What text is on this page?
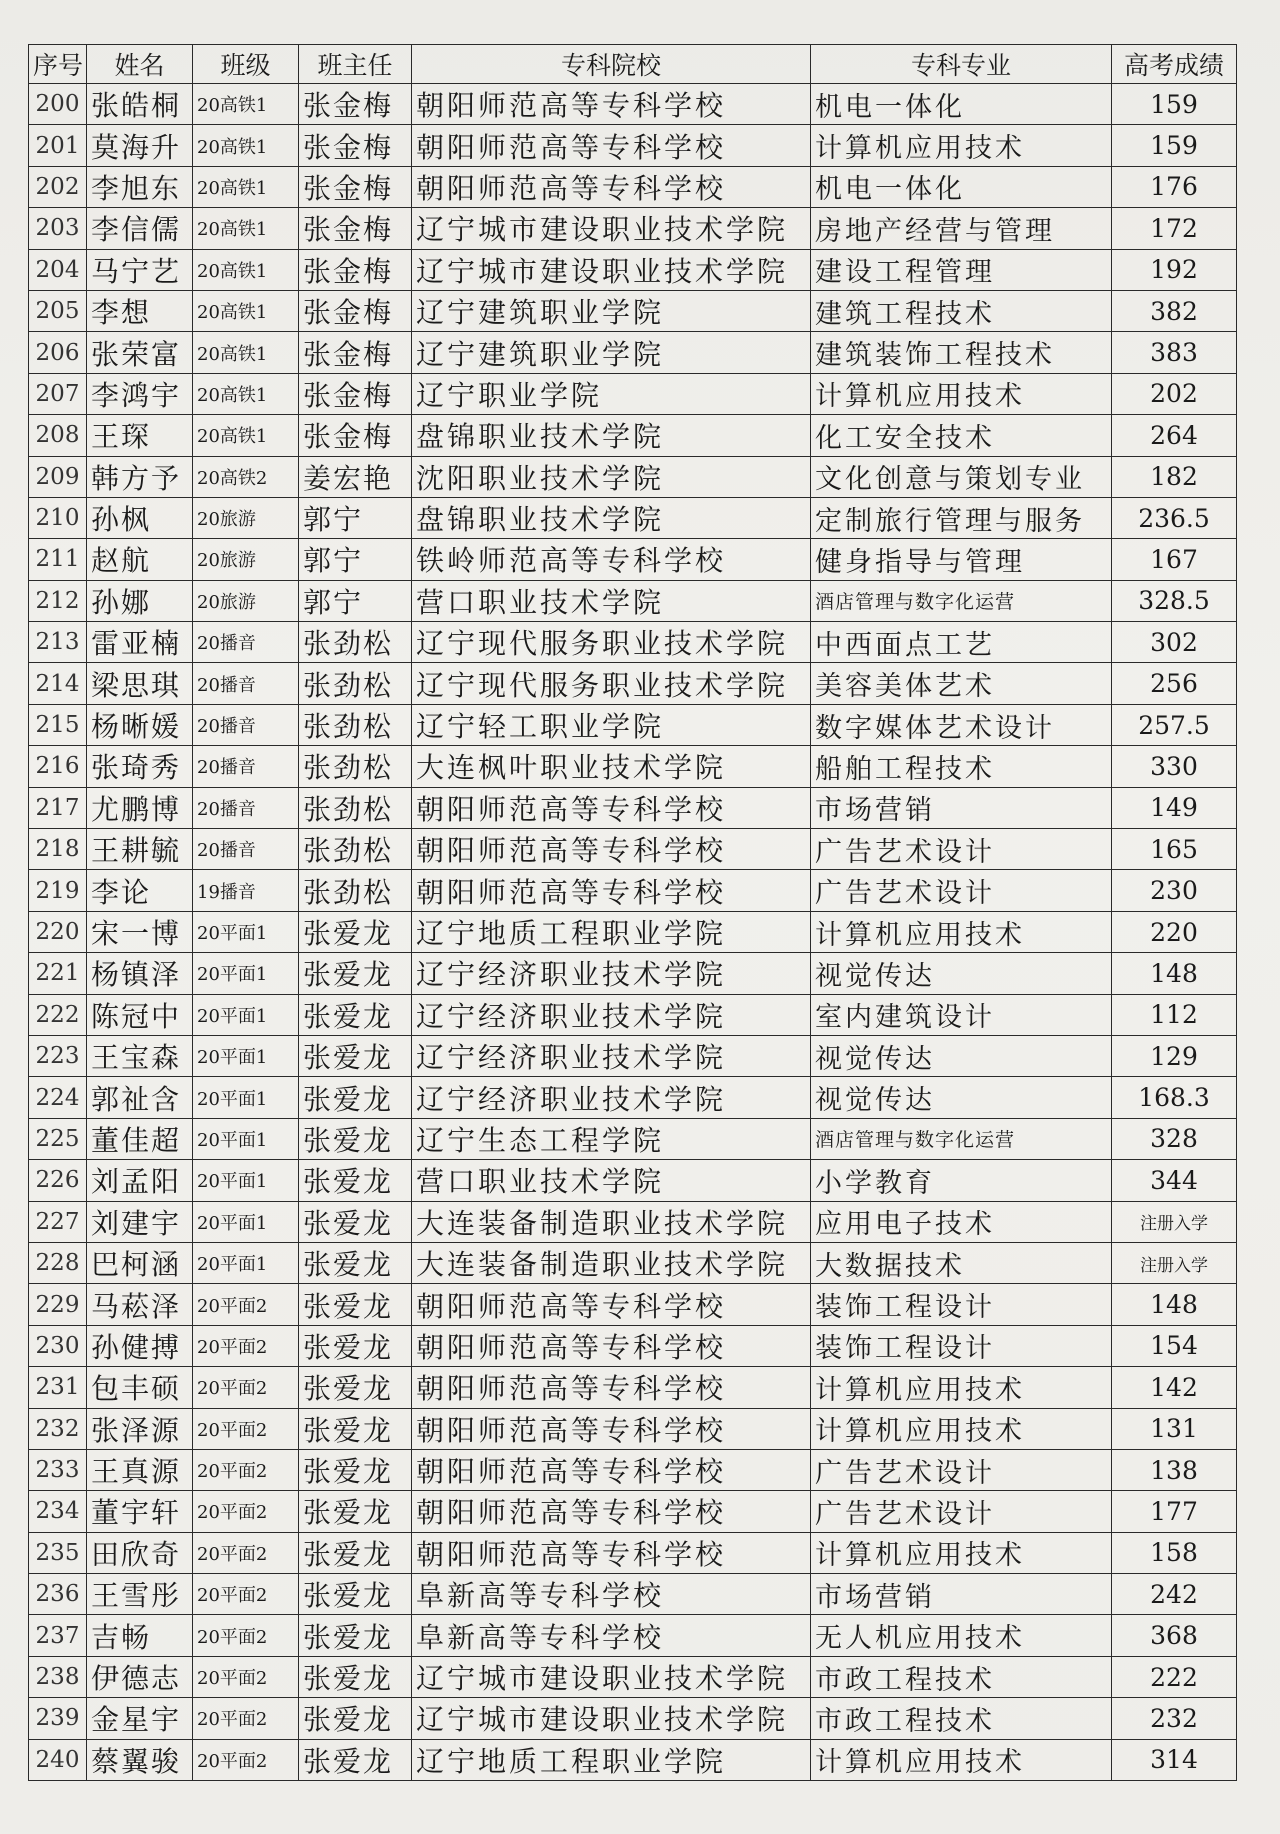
序号	姓名	班级	班主任	专科院校	专科专业	高考成绩
200	张皓桐	20高铁1	张金梅	朝阳师范高等专科学校	机电一体化	159
201	莫海升	20高铁1	张金梅	朝阳师范高等专科学校	计算机应用技术	159
202	李旭东	20高铁1	张金梅	朝阳师范高等专科学校	机电一体化	176
203	李信儒	20高铁1	张金梅	辽宁城市建设职业技术学院	房地产经营与管理	172
204	马宁艺	20高铁1	张金梅	辽宁城市建设职业技术学院	建设工程管理	192
205	李想	20高铁1	张金梅	辽宁建筑职业学院	建筑工程技术	382
206	张荣富	20高铁1	张金梅	辽宁建筑职业学院	建筑装饰工程技术	383
207	李鸿宇	20高铁1	张金梅	辽宁职业学院	计算机应用技术	202
208	王琛	20高铁1	张金梅	盘锦职业技术学院	化工安全技术	264
209	韩方予	20高铁2	姜宏艳	沈阳职业技术学院	文化创意与策划专业	182
210	孙枫	20旅游	郭宁	盘锦职业技术学院	定制旅行管理与服务	236.5
211	赵航	20旅游	郭宁	铁岭师范高等专科学校	健身指导与管理	167
212	孙娜	20旅游	郭宁	营口职业技术学院	酒店管理与数字化运营	328.5
213	雷亚楠	20播音	张劲松	辽宁现代服务职业技术学院	中西面点工艺	302
214	梁思琪	20播音	张劲松	辽宁现代服务职业技术学院	美容美体艺术	256
215	杨晰媛	20播音	张劲松	辽宁轻工职业学院	数字媒体艺术设计	257.5
216	张琦秀	20播音	张劲松	大连枫叶职业技术学院	船舶工程技术	330
217	尤鹏博	20播音	张劲松	朝阳师范高等专科学校	市场营销	149
218	王耕毓	20播音	张劲松	朝阳师范高等专科学校	广告艺术设计	165
219	李论	19播音	张劲松	朝阳师范高等专科学校	广告艺术设计	230
220	宋一博	20平面1	张爱龙	辽宁地质工程职业学院	计算机应用技术	220
221	杨镇泽	20平面1	张爱龙	辽宁经济职业技术学院	视觉传达	148
222	陈冠中	20平面1	张爱龙	辽宁经济职业技术学院	室内建筑设计	112
223	王宝森	20平面1	张爱龙	辽宁经济职业技术学院	视觉传达	129
224	郭祉含	20平面1	张爱龙	辽宁经济职业技术学院	视觉传达	168.3
225	董佳超	20平面1	张爱龙	辽宁生态工程学院	酒店管理与数字化运营	328
226	刘孟阳	20平面1	张爱龙	营口职业技术学院	小学教育	344
227	刘建宇	20平面1	张爱龙	大连装备制造职业技术学院	应用电子技术	注册入学
228	巴柯涵	20平面1	张爱龙	大连装备制造职业技术学院	大数据技术	注册入学
229	马菘泽	20平面2	张爱龙	朝阳师范高等专科学校	装饰工程设计	148
230	孙健搏	20平面2	张爱龙	朝阳师范高等专科学校	装饰工程设计	154
231	包丰硕	20平面2	张爱龙	朝阳师范高等专科学校	计算机应用技术	142
232	张泽源	20平面2	张爱龙	朝阳师范高等专科学校	计算机应用技术	131
233	王真源	20平面2	张爱龙	朝阳师范高等专科学校	广告艺术设计	138
234	董宇轩	20平面2	张爱龙	朝阳师范高等专科学校	广告艺术设计	177
235	田欣奇	20平面2	张爱龙	朝阳师范高等专科学校	计算机应用技术	158
236	王雪彤	20平面2	张爱龙	阜新高等专科学校	市场营销	242
237	吉畅	20平面2	张爱龙	阜新高等专科学校	无人机应用技术	368
238	伊德志	20平面2	张爱龙	辽宁城市建设职业技术学院	市政工程技术	222
239	金星宇	20平面2	张爱龙	辽宁城市建设职业技术学院	市政工程技术	232
240	蔡翼骏	20平面2	张爱龙	辽宁地质工程职业学院	计算机应用技术	314
